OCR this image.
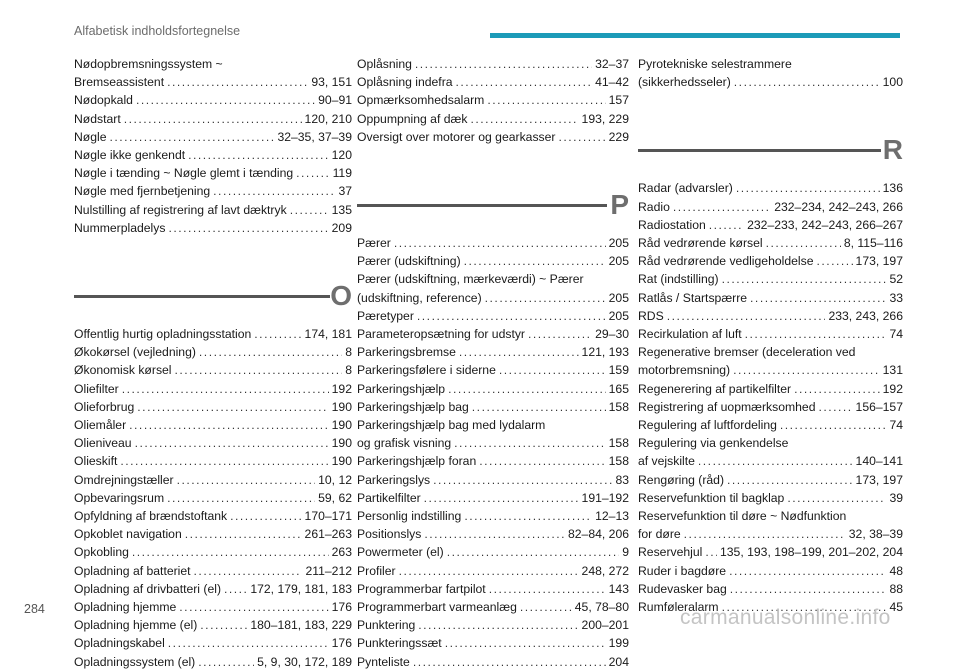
Alfabetisk indholdsfortegnelse
Nødopbremsningssystem ~
Bremseassistent .....	93, 151
Nødopkald .....	90–91
Nødstart .....	120, 210
Nøgle .....	32–35, 37–39
Nøgle ikke genkendt .....	120
Nøgle i tænding ~ Nøgle glemt i tænding .....	119
Nøgle med fjernbetjening .....	37
Nulstilling af registrering af lavt dæktryk .....	135
Nummerpladelys .....	209
O
Offentlig hurtig opladningsstation .....	174, 181
Økokørsel (vejledning) .....	8
Økonomisk kørsel .....	8
Oliefilter .....	192
Olieforbrug .....	190
Oliemåler .....	190
Olieniveau .....	190
Olieskift .....	190
Omdrejningstæller .....	10, 12
Opbevaringsrum .....	59, 62
Opfyldning af brændstoftank .....	170–171
Opkoblet navigation .....	261–263
Opkobling .....	263
Opladning af batteriet .....	211–212
Opladning af drivbatteri (el) ..... 172, 179, 181, 183
Opladning hjemme .....	176
Opladning hjemme (el) .....	180–181, 183, 229
Opladningskabel .....	176
Opladningssystem (el) .....	5, 9, 30, 172, 189
Oplåsning .....	32–37
Oplåsning indefra .....	41–42
Opmærksomhedsalarm .....	157
Oppumpning af dæk .....	193, 229
Oversigt over motorer og gearkasser .....	229
P
Pærer .....	205
Pærer (udskiftning) .....	205
Pærer (udskiftning, mærkeværdi) ~ Pærer
(udskiftning, reference) .....	205
Pæretyper .....	205
Parameteropsætning for udstyr .....	29–30
Parkeringsbremse .....	121, 193
Parkeringsfølere i siderne .....	159
Parkeringshjælp .....	165
Parkeringshjælp bag .....	158
Parkeringshjælp bag med lydalarm
og grafisk visning .....	158
Parkeringshjælp foran .....	158
Parkeringslys .....	83
Partikelfilter .....	191–192
Personlig indstilling .....	12–13
Positionslys .....	82–84, 206
Powermeter (el) .....	9
Profiler .....	248, 272
Programmerbar fartpilot .....	143
Programmerbart varmeanlæg .....	45, 78–80
Punktering .....	200–201
Punkteringssæt .....	199
Pynteliste .....	204
Pyrotekniske selestrammere
(sikkerhedsseler) .....	100
R
Radar (advarsler) .....	136
Radio .....	232–234, 242–243, 266
Radiostation .....	232–233, 242–243, 266–267
Råd vedrørende kørsel .....	8, 115–116
Råd vedrørende vedligeholdelse .....	173, 197
Rat (indstilling) .....	52
Ratlås / Startspærre .....	33
RDS .....	233, 243, 266
Recirkulation af luft .....	74
Regenerative bremser (deceleration ved
motorbremsning) .....	131
Regenerering af partikelfilter .....	192
Registrering af uopmærksomhed .....	156–157
Regulering af luftfordeling .....	74
Regulering via genkendelse
af vejskilte .....	140–141
Rengøring (råd) .....	173, 197
Reservefunktion til bagklap .....	39
Reservefunktion til døre ~ Nødfunktion
for døre .....	32, 38–39
Reservehjul ..... 135, 193, 198–199, 201–202, 204
Ruder i bagdøre .....	48
Rudevasker bag .....	88
Rumføleralarm .....	45
284	carmanualsonline.info
